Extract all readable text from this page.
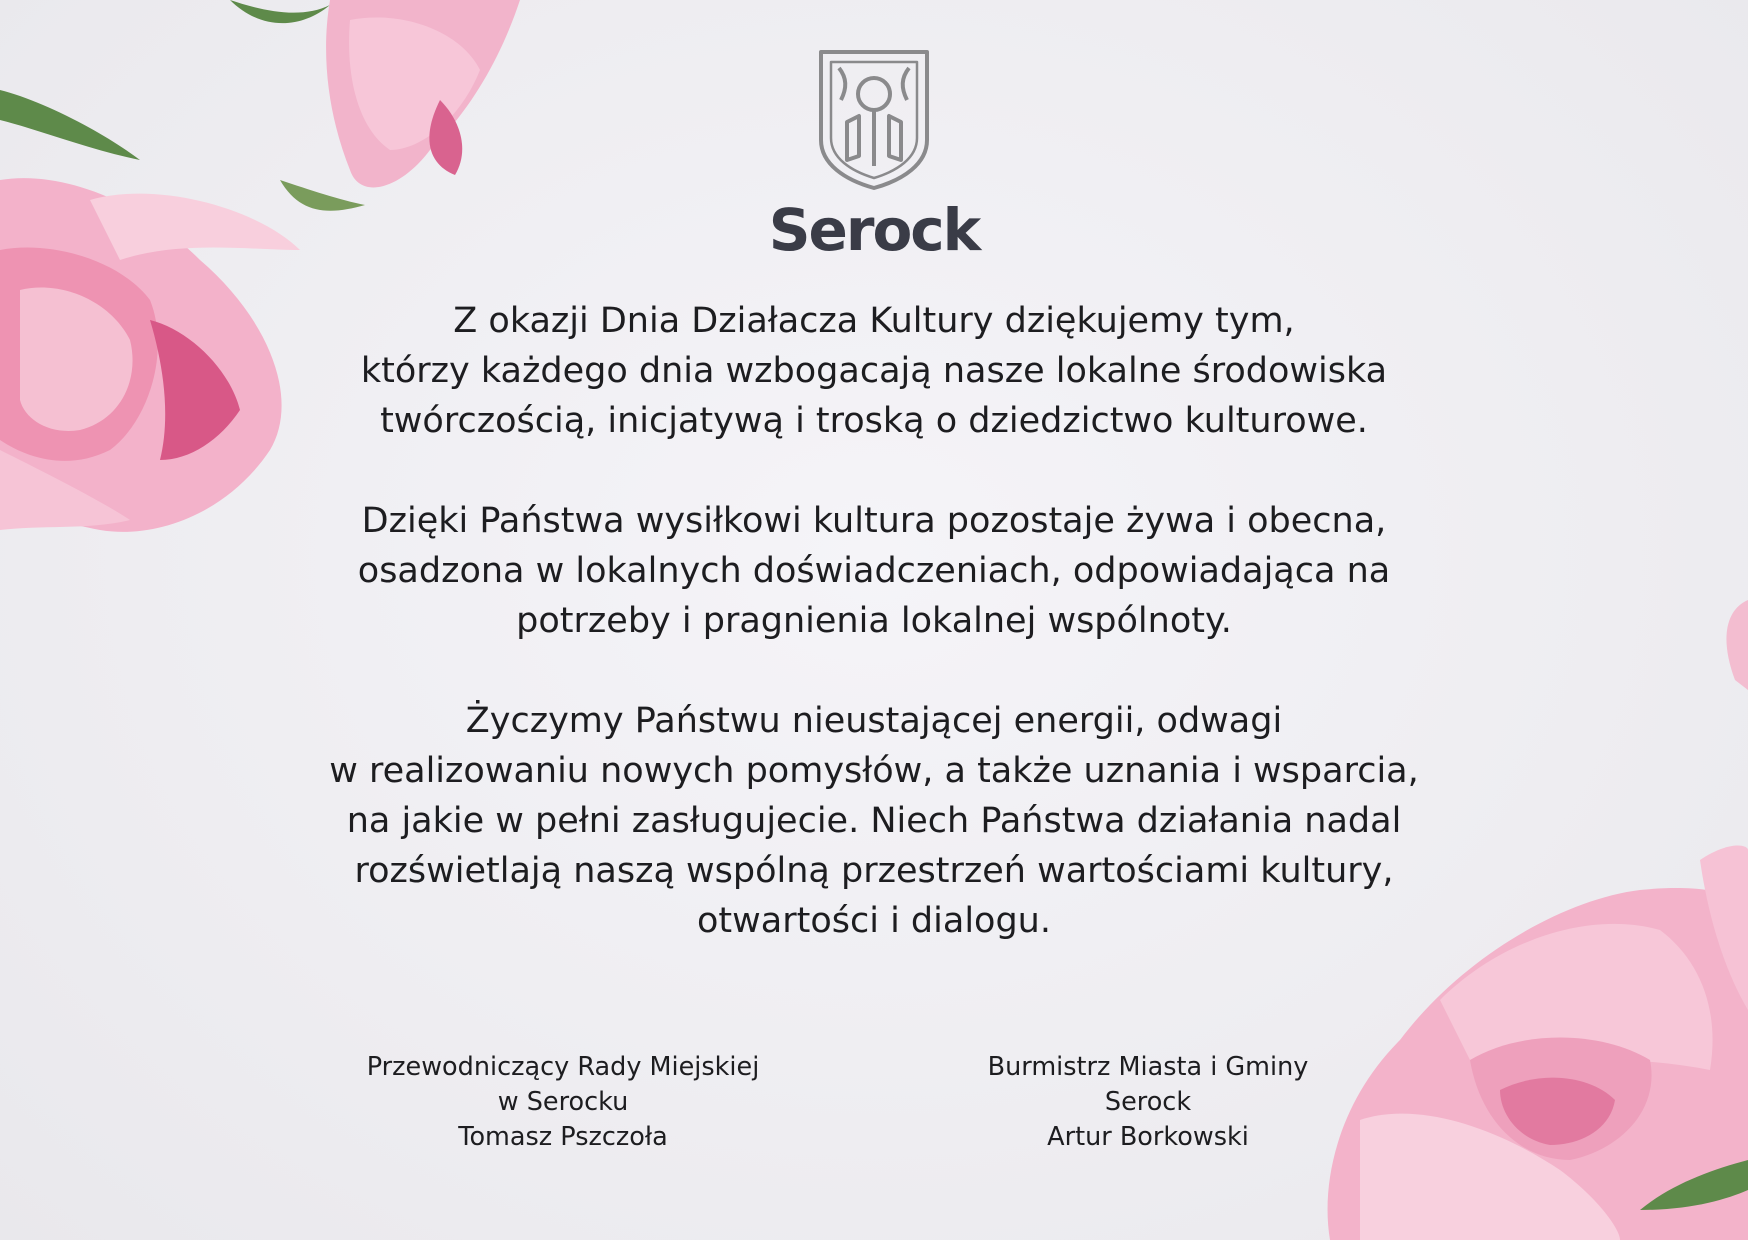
Serock

Z okazji Dnia Działacza Kultury dziękujemy tym,
którzy każdego dnia wzbogacają nasze lokalne środowiska
twórczością, inicjatywą i troską o dziedzictwo kulturowe.

Dzięki Państwa wysiłkowi kultura pozostaje żywa i obecna,
osadzona w lokalnych doświadczeniach, odpowiadająca na
potrzeby i pragnienia lokalnej wspólnoty.

Życzymy Państwu nieustającej energii, odwagi
w realizowaniu nowych pomysłów, a także uznania i wsparcia,
na jakie w pełni zasługujecie. Niech Państwa działania nadal
rozświetlają naszą wspólną przestrzeń wartościami kultury,
otwartości i dialogu.

Przewodniczący Rady Miejskiej
w Serocku
Tomasz Pszczoła
Burmistrz Miasta i Gminy
Serock
Artur Borkowski
